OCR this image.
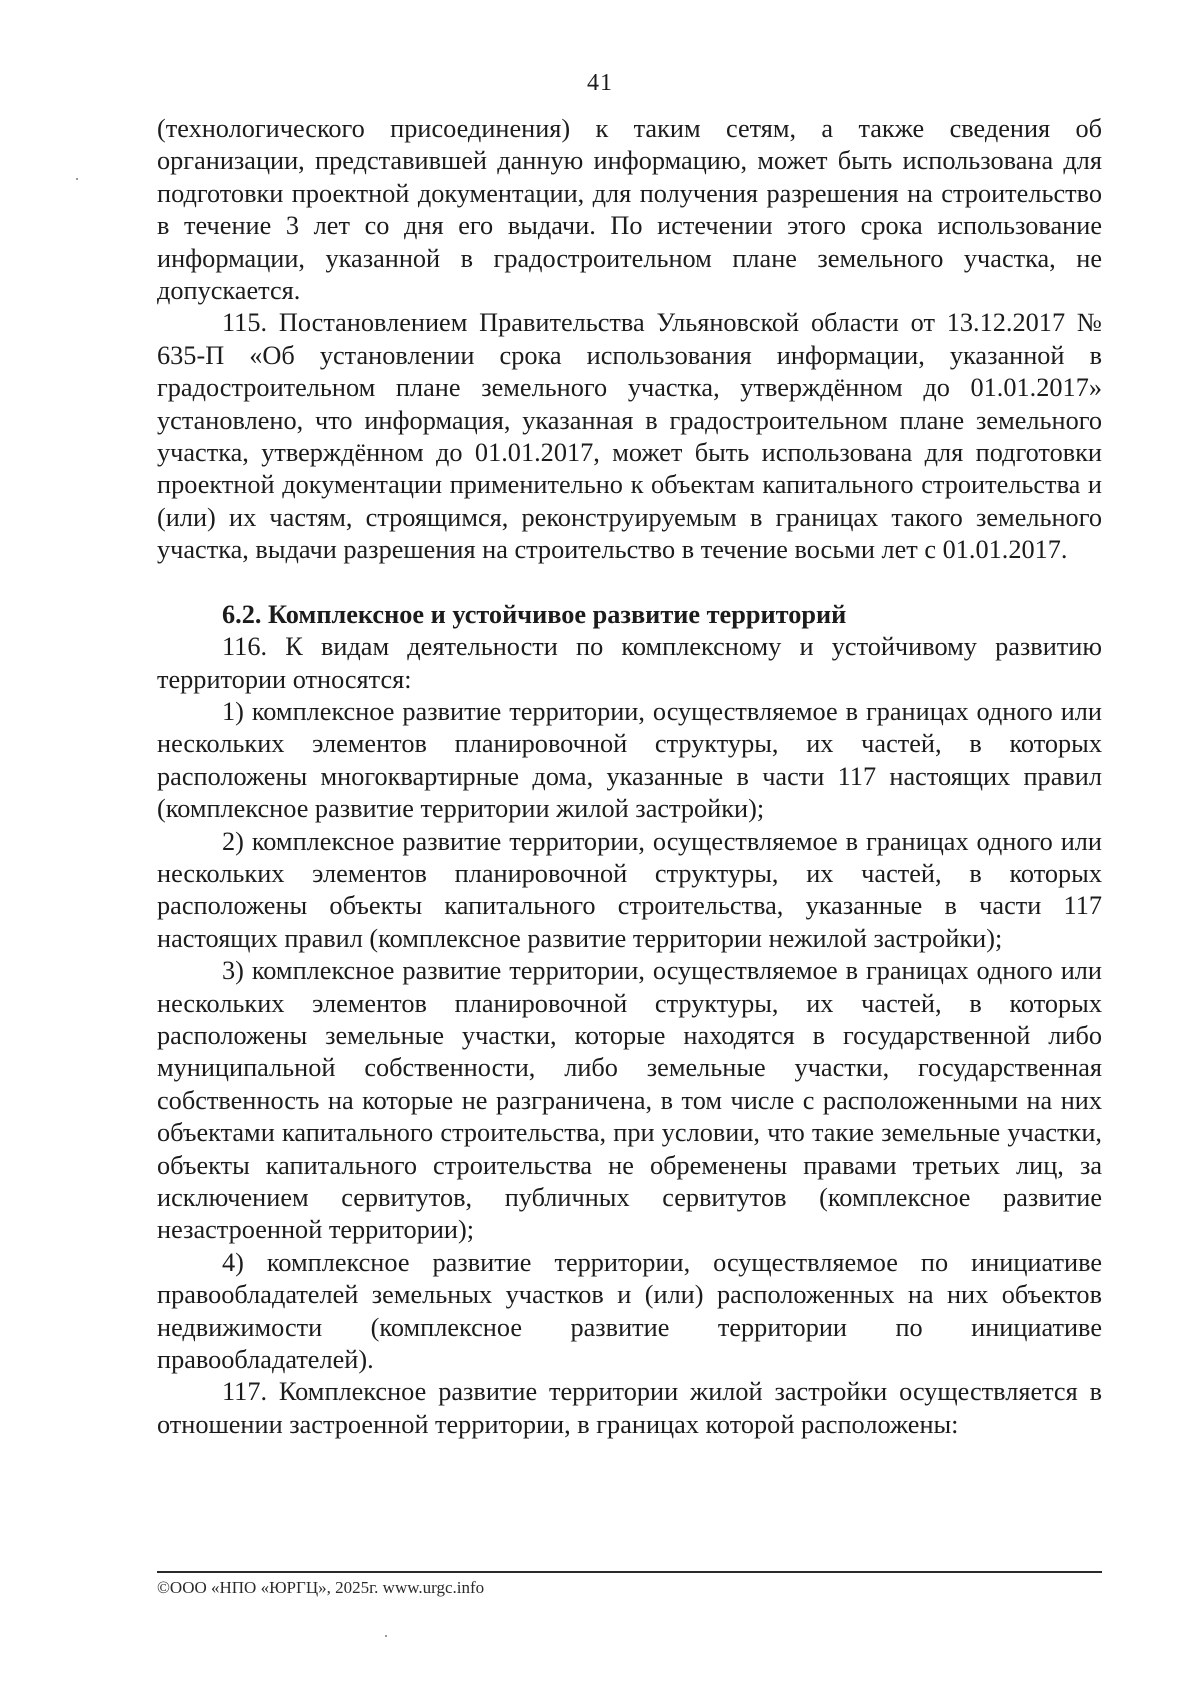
41

(технологического присоединения) к таким сетям, а также сведения об организации, представившей данную информацию, может быть использована для подготовки проектной документации, для получения разрешения на строительство в течение 3 лет со дня его выдачи. По истечении этого срока использование информации, указанной в градостроительном плане земельного участка, не допускается.

115. Постановлением Правительства Ульяновской области от 13.12.2017 № 635-П «Об установлении срока использования информации, указанной в градостроительном плане земельного участка, утверждённом до 01.01.2017» установлено, что информация, указанная в градостроительном плане земельного участка, утверждённом до 01.01.2017, может быть использована для подготовки проектной документации применительно к объектам капитального строительства и (или) их частям, строящимся, реконструируемым в границах такого земельного участка, выдачи разрешения на строительство в течение восьми лет с 01.01.2017.

6.2. Комплексное и устойчивое развитие территорий

116. К видам деятельности по комплексному и устойчивому развитию территории относятся:

1) комплексное развитие территории, осуществляемое в границах одного или нескольких элементов планировочной структуры, их частей, в которых расположены многоквартирные дома, указанные в части 117 настоящих правил (комплексное развитие территории жилой застройки);

2) комплексное развитие территории, осуществляемое в границах одного или нескольких элементов планировочной структуры, их частей, в которых расположены объекты капитального строительства, указанные в части 117 настоящих правил (комплексное развитие территории нежилой застройки);

3) комплексное развитие территории, осуществляемое в границах одного или нескольких элементов планировочной структуры, их частей, в которых расположены земельные участки, которые находятся в государственной либо муниципальной собственности, либо земельные участки, государственная собственность на которые не разграничена, в том числе с расположенными на них объектами капитального строительства, при условии, что такие земельные участки, объекты капитального строительства не обременены правами третьих лиц, за исключением сервитутов, публичных сервитутов (комплексное развитие незастроенной территории);

4) комплексное развитие территории, осуществляемое по инициативе правообладателей земельных участков и (или) расположенных на них объектов недвижимости (комплексное развитие территории по инициативе правообладателей).

117. Комплексное развитие территории жилой застройки осуществляется в отношении застроенной территории, в границах которой расположены:

©ООО «НПО «ЮРГЦ», 2025г. www.urgc.info
